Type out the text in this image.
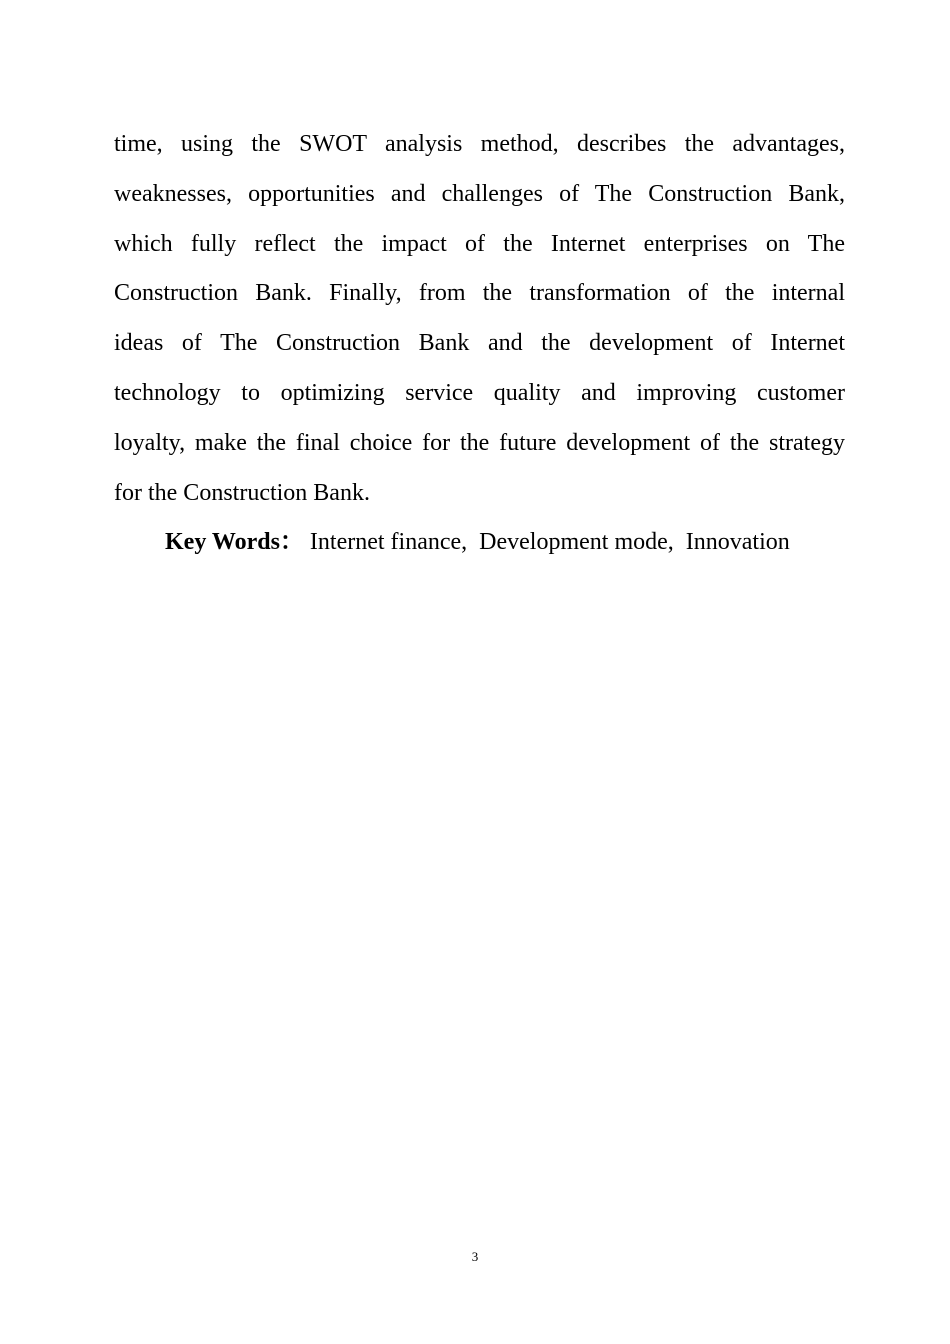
time, using the SWOT analysis method, describes the advantages,
weaknesses, opportunities and challenges of The Construction Bank,
which fully reflect the impact of the Internet enterprises on The
Construction Bank. Finally, from the transformation of the internal
ideas of The Construction Bank and the development of Internet
technology to optimizing service quality and improving customer
loyalty, make the final choice for the future development of the strategy
for the Construction Bank.
Key Words： Internet finance, Development mode, Innovation
3
